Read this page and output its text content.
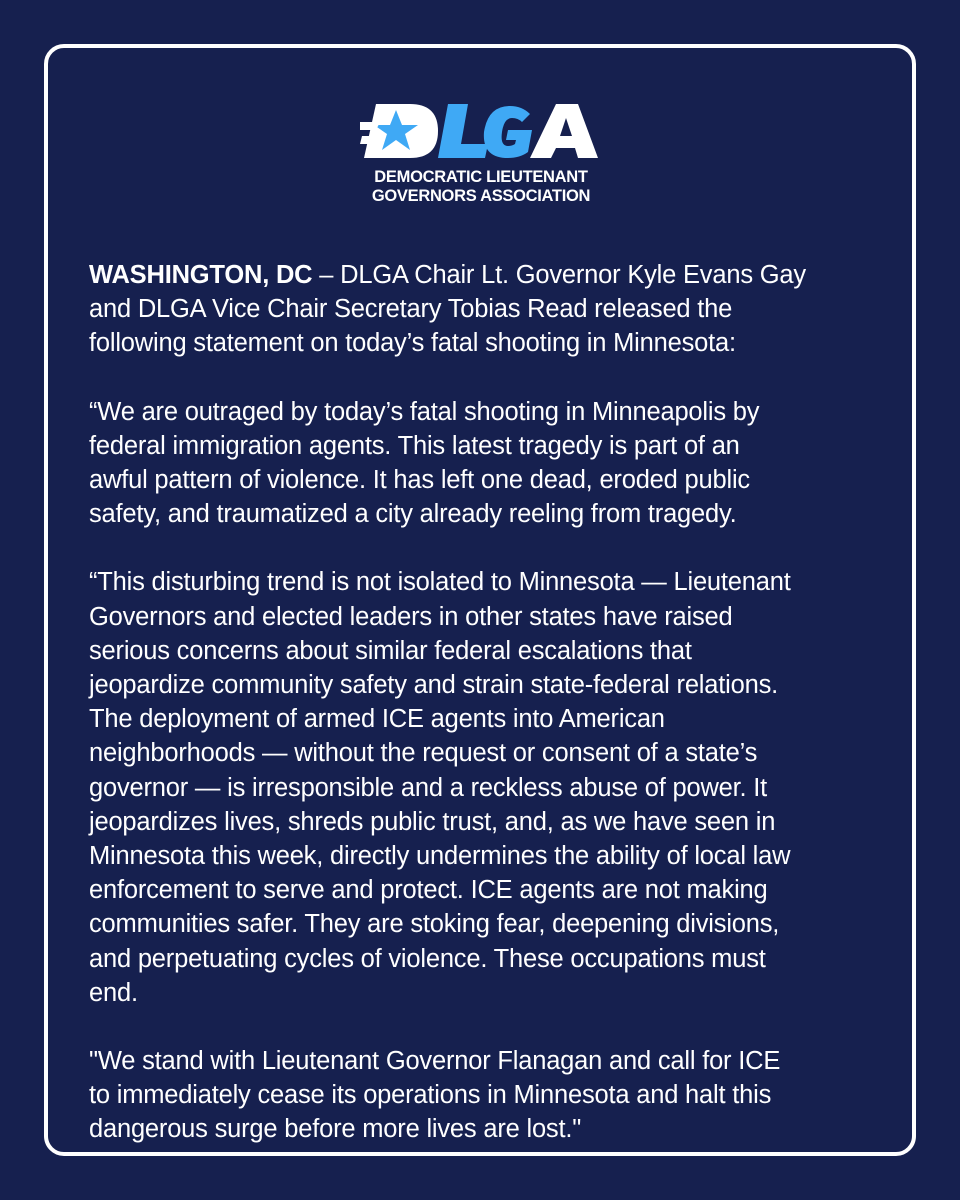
DEMOCRATIC LIEUTENANT
GOVERNORS ASSOCIATION

WASHINGTON, DC – DLGA Chair Lt. Governor Kyle Evans Gay
and DLGA Vice Chair Secretary Tobias Read released the
following statement on today’s fatal shooting in Minnesota:

“We are outraged by today’s fatal shooting in Minneapolis by
federal immigration agents. This latest tragedy is part of an
awful pattern of violence. It has left one dead, eroded public
safety, and traumatized a city already reeling from tragedy.

“This disturbing trend is not isolated to Minnesota — Lieutenant
Governors and elected leaders in other states have raised
serious concerns about similar federal escalations that
jeopardize community safety and strain state-federal relations.
The deployment of armed ICE agents into American
neighborhoods — without the request or consent of a state’s
governor — is irresponsible and a reckless abuse of power. It
jeopardizes lives, shreds public trust, and, as we have seen in
Minnesota this week, directly undermines the ability of local law
enforcement to serve and protect. ICE agents are not making
communities safer. They are stoking fear, deepening divisions,
and perpetuating cycles of violence. These occupations must
end.

"We stand with Lieutenant Governor Flanagan and call for ICE
to immediately cease its operations in Minnesota and halt this
dangerous surge before more lives are lost."
